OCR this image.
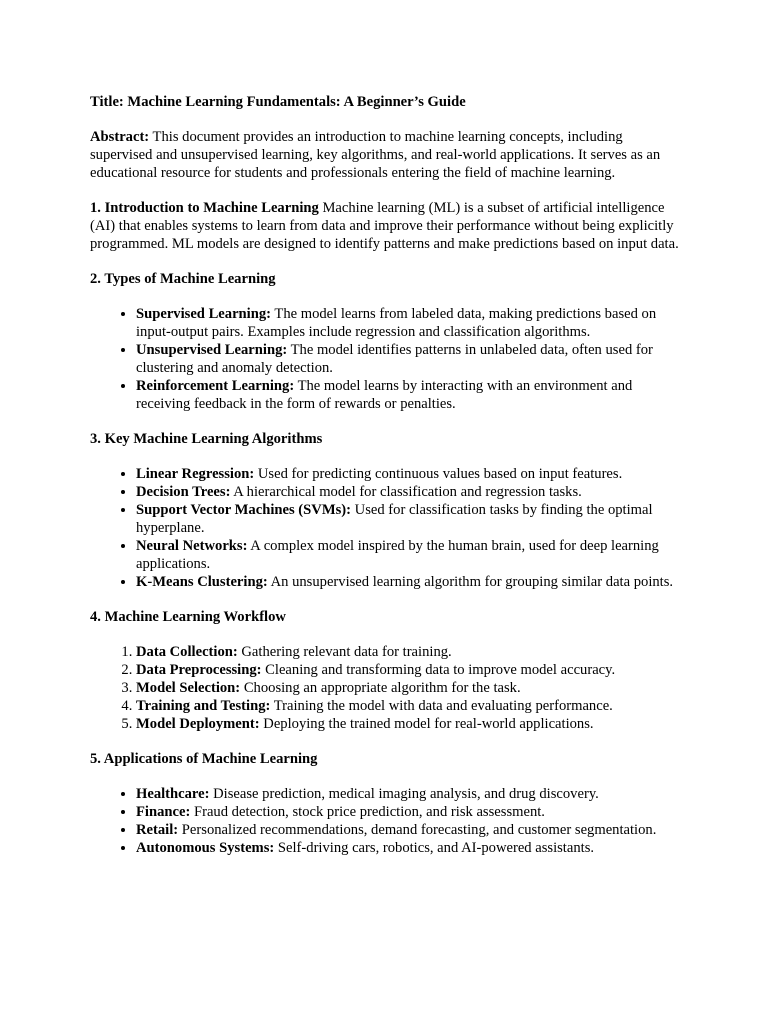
Title: Machine Learning Fundamentals: A Beginner’s Guide

Abstract: This document provides an introduction to machine learning concepts, including supervised and unsupervised learning, key algorithms, and real-world applications. It serves as an educational resource for students and professionals entering the field of machine learning.

1. Introduction to Machine Learning Machine learning (ML) is a subset of artificial intelligence (AI) that enables systems to learn from data and improve their performance without being explicitly programmed. ML models are designed to identify patterns and make predictions based on input data.

2. Types of Machine Learning

• Supervised Learning: The model learns from labeled data, making predictions based on input-output pairs. Examples include regression and classification algorithms.
• Unsupervised Learning: The model identifies patterns in unlabeled data, often used for clustering and anomaly detection.
• Reinforcement Learning: The model learns by interacting with an environment and receiving feedback in the form of rewards or penalties.

3. Key Machine Learning Algorithms

• Linear Regression: Used for predicting continuous values based on input features.
• Decision Trees: A hierarchical model for classification and regression tasks.
• Support Vector Machines (SVMs): Used for classification tasks by finding the optimal hyperplane.
• Neural Networks: A complex model inspired by the human brain, used for deep learning applications.
• K-Means Clustering: An unsupervised learning algorithm for grouping similar data points.

4. Machine Learning Workflow

1. Data Collection: Gathering relevant data for training.
2. Data Preprocessing: Cleaning and transforming data to improve model accuracy.
3. Model Selection: Choosing an appropriate algorithm for the task.
4. Training and Testing: Training the model with data and evaluating performance.
5. Model Deployment: Deploying the trained model for real-world applications.

5. Applications of Machine Learning

• Healthcare: Disease prediction, medical imaging analysis, and drug discovery.
• Finance: Fraud detection, stock price prediction, and risk assessment.
• Retail: Personalized recommendations, demand forecasting, and customer segmentation.
• Autonomous Systems: Self-driving cars, robotics, and AI-powered assistants.
